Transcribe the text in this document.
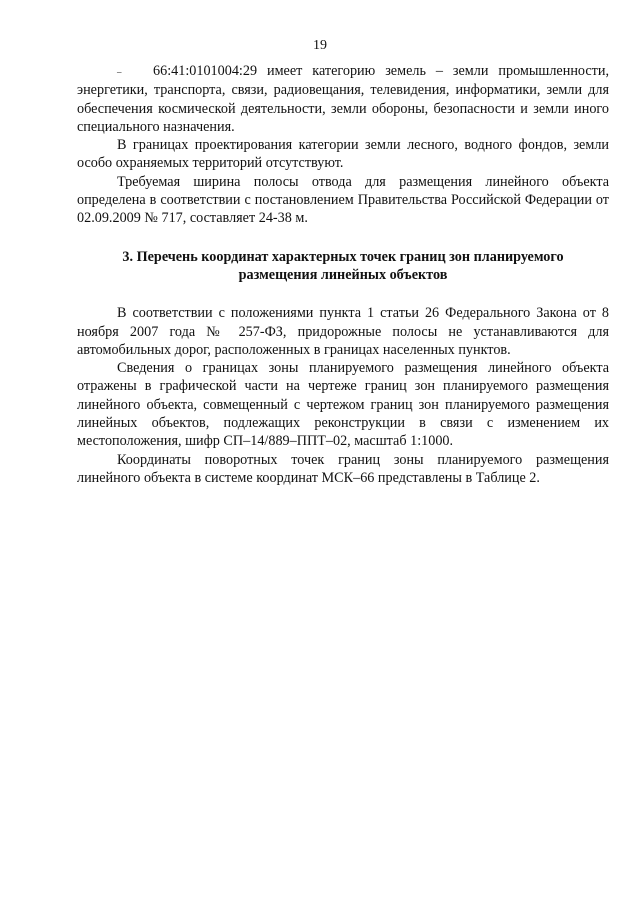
19

– 66:41:0101004:29 имеет категорию земель – земли промышленности, энергетики, транспорта, связи, радиовещания, телевидения, информатики, земли для обеспечения космической деятельности, земли обороны, безопасности и земли иного специального назначения.

В границах проектирования категории земли лесного, водного фондов, земли особо охраняемых территорий отсутствуют.

Требуемая ширина полосы отвода для размещения линейного объекта определена в соответствии с постановлением Правительства Российской Федерации от 02.09.2009 № 717, составляет 24-38 м.

3. Перечень координат характерных точек границ зон планируемого
размещения линейных объектов

В соответствии с положениями пункта 1 статьи 26 Федерального Закона от 8 ноября 2007 года № 257-ФЗ, придорожные полосы не устанавливаются для автомобильных дорог, расположенных в границах населенных пунктов.

Сведения о границах зоны планируемого размещения линейного объекта отражены в графической части на чертеже границ зон планируемого размещения линейного объекта, совмещенный с чертежом границ зон планируемого размещения линейных объектов, подлежащих реконструкции в связи с изменением их местоположения, шифр СП–14/889–ППТ–02, масштаб 1:1000.

Координаты поворотных точек границ зоны планируемого размещения линейного объекта в системе координат МСК–66 представлены в Таблице 2.
